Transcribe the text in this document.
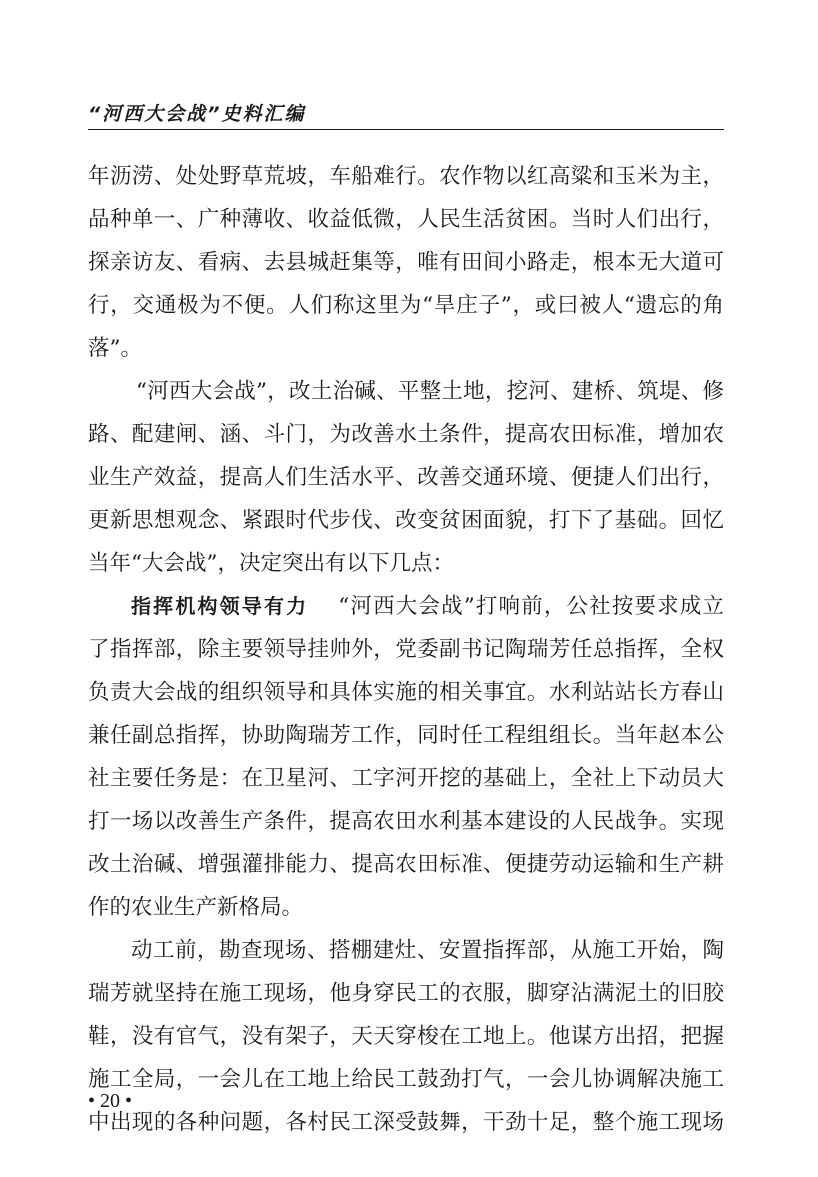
“河西大会战”史料汇编
年沥涝、处处野草荒坡，车船难行。农作物以红高粱和玉米为主，
品种单一、广种薄收、收益低微，人民生活贫困。当时人们出行，
探亲访友、看病、去县城赶集等，唯有田间小路走，根本无大道可
行，交通极为不便。人们称这里为“旱庄子”，或曰被人“遗忘的角
落”。
“河西大会战”，改土治碱、平整土地，挖河、建桥、筑堤、修
路、配建闸、涵、斗门，为改善水土条件，提高农田标准，增加农
业生产效益，提高人们生活水平、改善交通环境、便捷人们出行，
更新思想观念、紧跟时代步伐、改变贫困面貌，打下了基础。回忆
当年“大会战”，决定突出有以下几点：
指挥机构领导有力 “河西大会战”打响前，公社按要求成立
了指挥部，除主要领导挂帅外，党委副书记陶瑞芳任总指挥，全权
负责大会战的组织领导和具体实施的相关事宜。水利站站长方春山
兼任副总指挥，协助陶瑞芳工作，同时任工程组组长。当年赵本公
社主要任务是：在卫星河、工字河开挖的基础上，全社上下动员大
打一场以改善生产条件，提高农田水利基本建设的人民战争。实现
改土治碱、增强灌排能力、提高农田标准、便捷劳动运输和生产耕
作的农业生产新格局。
动工前，勘查现场、搭棚建灶、安置指挥部，从施工开始，陶
瑞芳就坚持在施工现场，他身穿民工的衣服，脚穿沾满泥土的旧胶
鞋，没有官气，没有架子，天天穿梭在工地上。他谋方出招，把握
施工全局，一会儿在工地上给民工鼓劲打气，一会儿协调解决施工
中出现的各种问题，各村民工深受鼓舞，干劲十足，整个施工现场
• 20 •
